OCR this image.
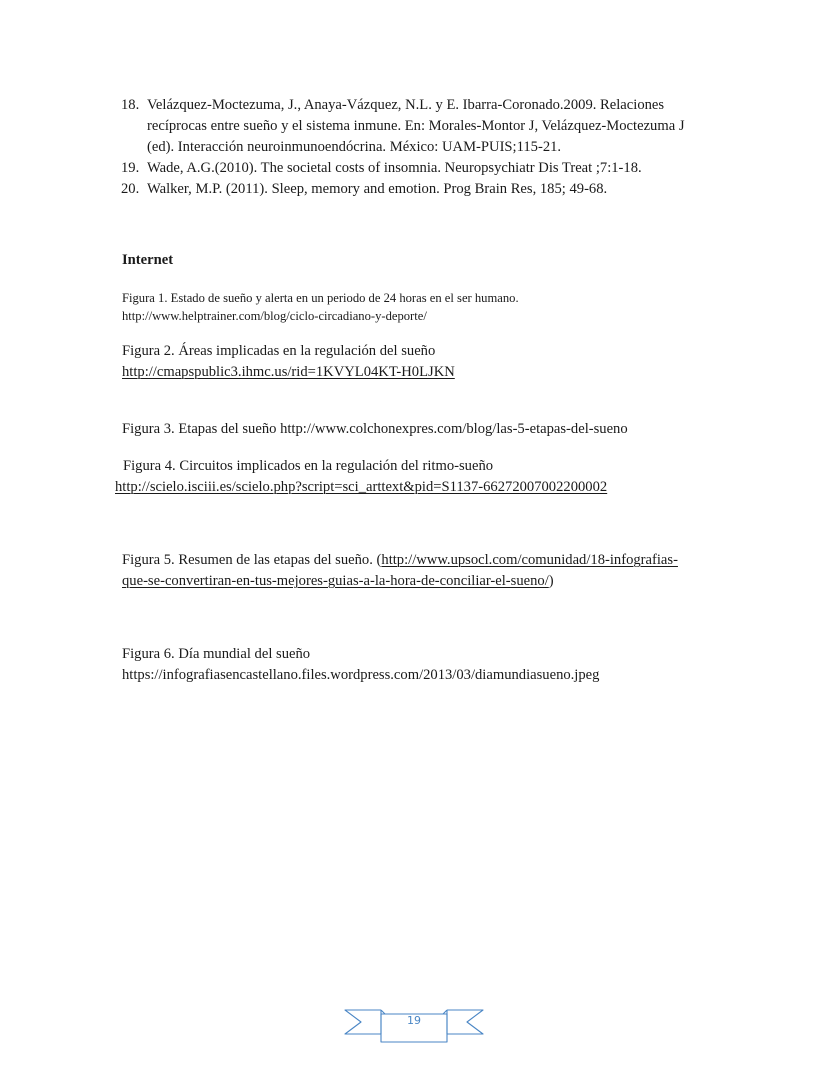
18. Velázquez-Moctezuma, J., Anaya-Vázquez, N.L. y E. Ibarra-Coronado.2009. Relaciones
recíprocas entre sueño y el sistema inmune. En: Morales-Montor J, Velázquez-Moctezuma J
(ed). Interacción neuroinmunoendócrina. México: UAM-PUIS;115-21.
19. Wade, A.G.(2010). The societal costs of insomnia. Neuropsychiatr Dis Treat ;7:1-18.
20. Walker, M.P. (2011). Sleep, memory and emotion. Prog Brain Res, 185; 49-68.
Internet
Figura 1. Estado de sueño y alerta en un periodo de 24 horas en el ser humano.
http://www.helptrainer.com/blog/ciclo-circadiano-y-deporte/
Figura 2. Áreas implicadas en la regulación del sueño
http://cmapspublic3.ihmc.us/rid=1KVYL04KT-H0LJKN
Figura 3. Etapas del sueño http://www.colchonexpres.com/blog/las-5-etapas-del-sueno
Figura 4. Circuitos implicados en la regulación del ritmo-sueño
http://scielo.isciii.es/scielo.php?script=sci_arttext&pid=S1137-66272007002200002
Figura 5. Resumen de las etapas del sueño. (http://www.upsocl.com/comunidad/18-infografias-
que-se-convertiran-en-tus-mejores-guias-a-la-hora-de-conciliar-el-sueno/)
Figura 6. Día mundial del sueño
https://infografiasencastellano.files.wordpress.com/2013/03/diamundiasueno.jpeg
19
